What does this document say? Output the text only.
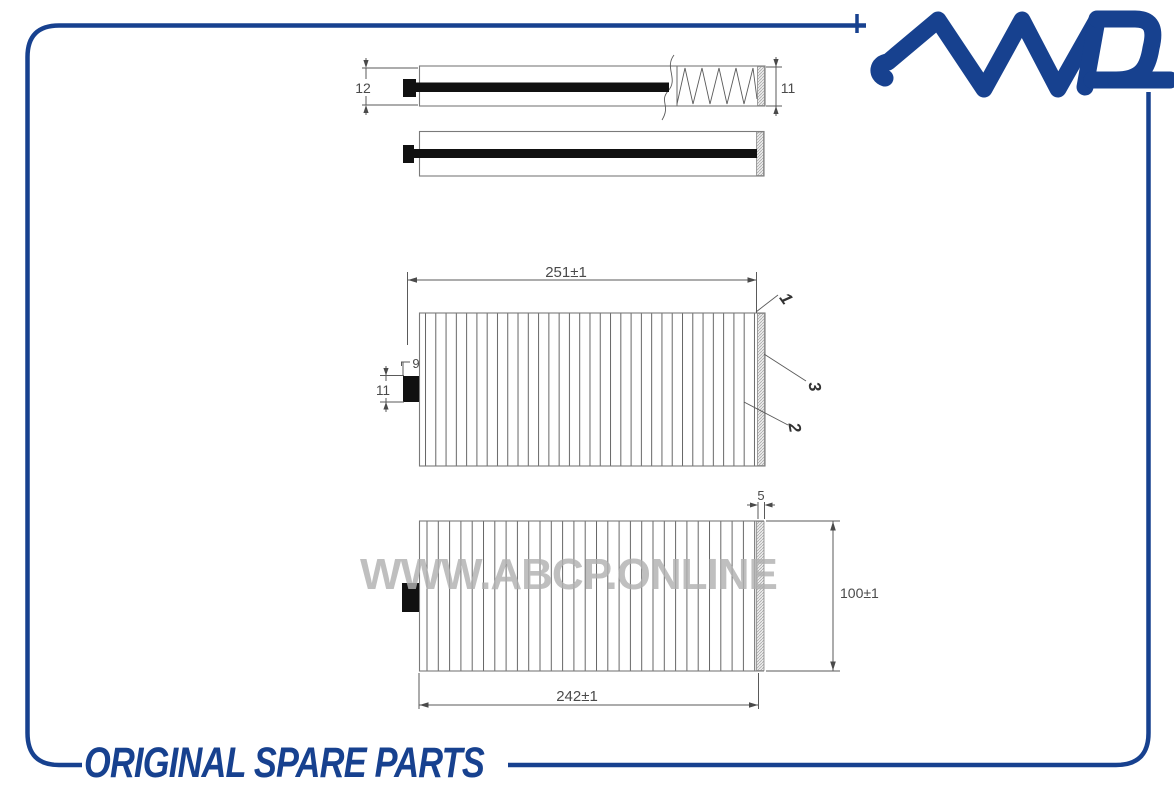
12	11
251±1
9
11
1
3
2
5
100±1
242±1
WWW.ABCP.ONLINE
ORIGINAL SPARE PARTS
